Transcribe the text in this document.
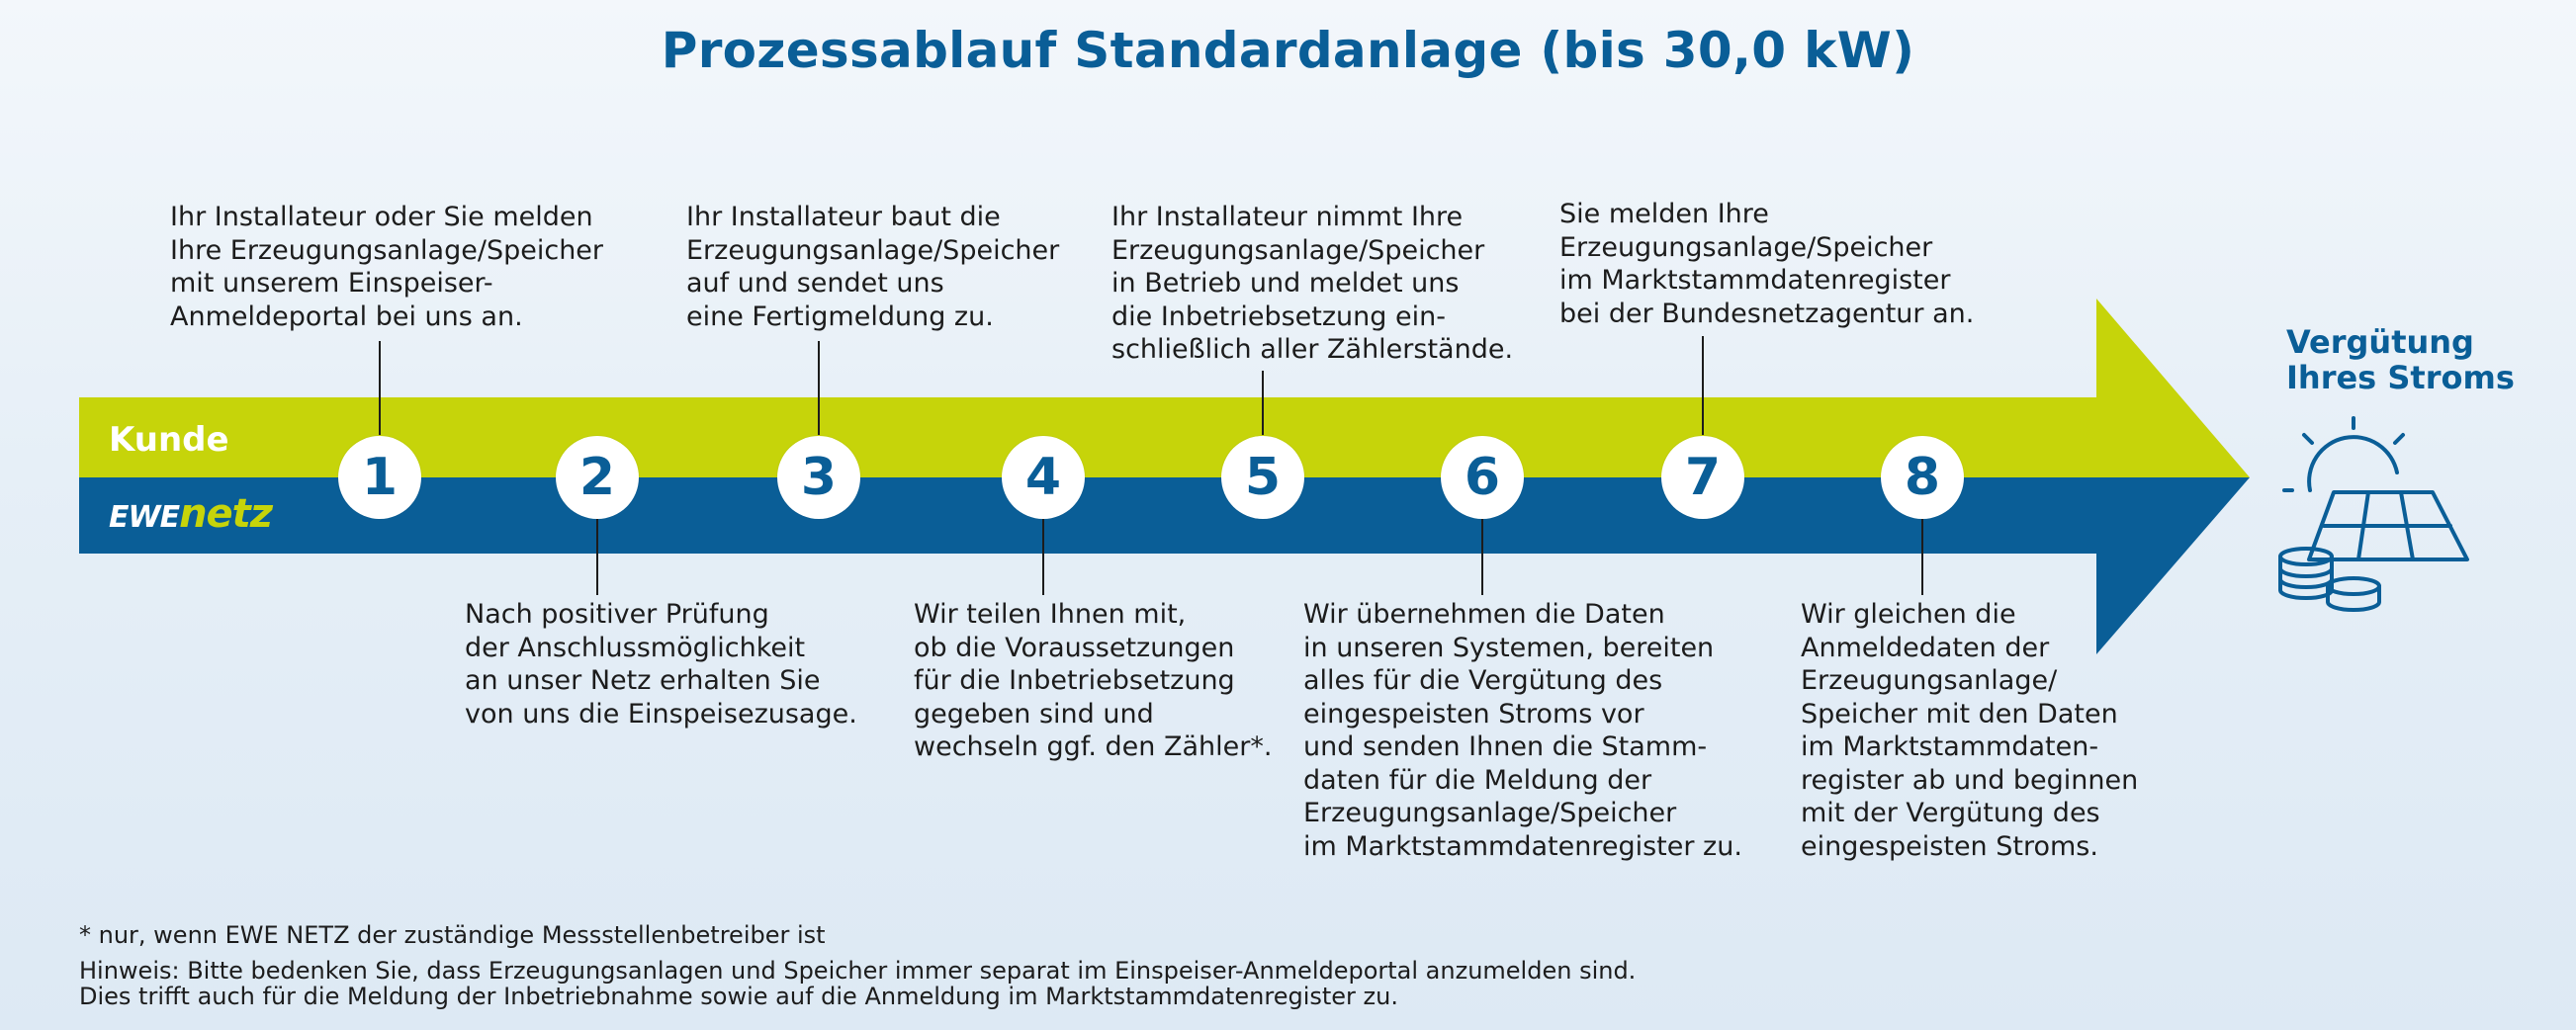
Prozessablauf Standardanlage (bis 30,0 kW)
Kunde
EWEnetz
1	2	3	4	5	6	7	8
Ihr Installateur oder Sie melden
Ihre Erzeugungsanlage/Speicher
mit unserem Einspeiser-
Anmeldeportal bei uns an.
Nach positiver Prüfung
der Anschlussmöglichkeit
an unser Netz erhalten Sie
von uns die Einspeisezusage.
Ihr Installateur baut die
Erzeugungsanlage/Speicher
auf und sendet uns
eine Fertigmeldung zu.
Wir teilen Ihnen mit,
ob die Voraussetzungen
für die Inbetriebsetzung
gegeben sind und
wechseln ggf. den Zähler*.
Ihr Installateur nimmt Ihre
Erzeugungsanlage/Speicher
in Betrieb und meldet uns
die Inbetriebsetzung ein-
schließlich aller Zählerstände.
Wir übernehmen die Daten
in unseren Systemen, bereiten
alles für die Vergütung des
eingespeisten Stroms vor
und senden Ihnen die Stamm-
daten für die Meldung der
Erzeugungsanlage/Speicher
im Marktstammdatenregister zu.
Sie melden Ihre
Erzeugungsanlage/Speicher
im Marktstammdatenregister
bei der Bundesnetzagentur an.
Wir gleichen die
Anmeldedaten der
Erzeugungsanlage/
Speicher mit den Daten
im Marktstammdaten-
register ab und beginnen
mit der Vergütung des
eingespeisten Stroms.
Vergütung
Ihres Stroms
* nur, wenn EWE NETZ der zuständige Messstellenbetreiber ist
Hinweis: Bitte bedenken Sie, dass Erzeugungsanlagen und Speicher immer separat im Einspeiser-Anmeldeportal anzumelden sind.
Dies trifft auch für die Meldung der Inbetriebnahme sowie auf die Anmeldung im Marktstammdatenregister zu.
